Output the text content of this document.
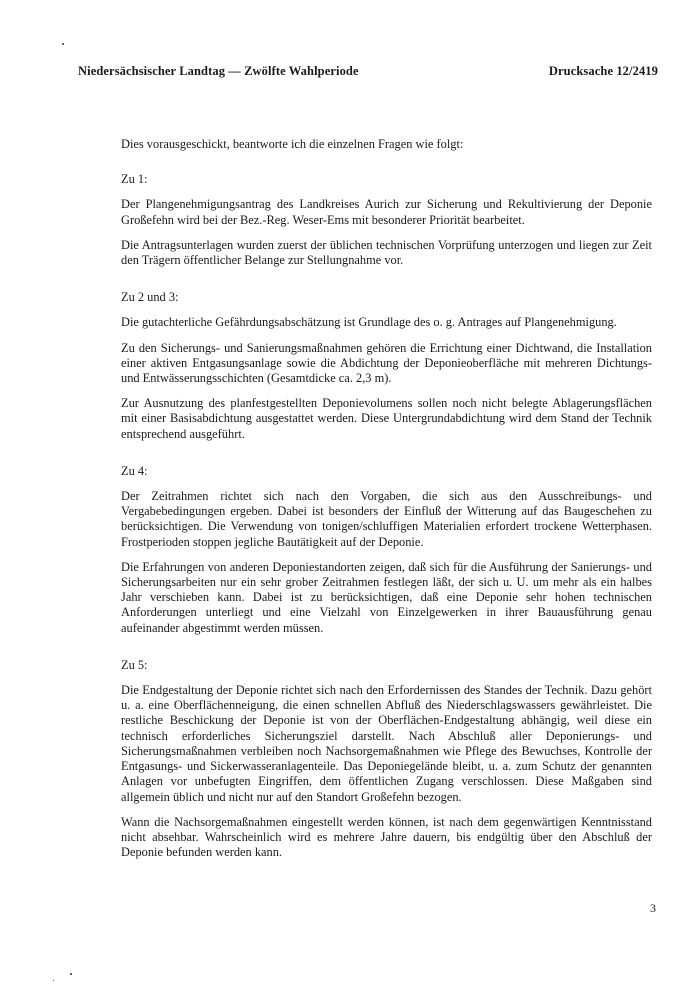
Niedersächsischer Landtag — Zwölfte Wahlperiode	Drucksache 12/2419

Dies vorausgeschickt, beantworte ich die einzelnen Fragen wie folgt:

Zu 1:

Der Plangenehmigungsantrag des Landkreises Aurich zur Sicherung und Rekultivierung der Deponie Großefehn wird bei der Bez.-Reg. Weser-Ems mit besonderer Priorität bearbeitet.

Die Antragsunterlagen wurden zuerst der üblichen technischen Vorprüfung unterzogen und liegen zur Zeit den Trägern öffentlicher Belange zur Stellungnahme vor.

Zu 2 und 3:

Die gutachterliche Gefährdungsabschätzung ist Grundlage des o. g. Antrages auf Plangenehmigung.

Zu den Sicherungs- und Sanierungsmaßnahmen gehören die Errichtung einer Dichtwand, die Installation einer aktiven Entgasungsanlage sowie die Abdichtung der Deponieoberfläche mit mehreren Dichtungs- und Entwässerungsschichten (Gesamtdicke ca. 2,3 m).

Zur Ausnutzung des planfestgestellten Deponievolumens sollen noch nicht belegte Ablagerungsflächen mit einer Basisabdichtung ausgestattet werden. Diese Untergrundabdichtung wird dem Stand der Technik entsprechend ausgeführt.

Zu 4:

Der Zeitrahmen richtet sich nach den Vorgaben, die sich aus den Ausschreibungs- und Vergabebedingungen ergeben. Dabei ist besonders der Einfluß der Witterung auf das Baugeschehen zu berücksichtigen. Die Verwendung von tonigen/schluffigen Materialien erfordert trockene Wetterphasen. Frostperioden stoppen jegliche Bautätigkeit auf der Deponie.

Die Erfahrungen von anderen Deponiestandorten zeigen, daß sich für die Ausführung der Sanierungs- und Sicherungsarbeiten nur ein sehr grober Zeitrahmen festlegen läßt, der sich u. U. um mehr als ein halbes Jahr verschieben kann. Dabei ist zu berücksichtigen, daß eine Deponie sehr hohen technischen Anforderungen unterliegt und eine Vielzahl von Einzelgewerken in ihrer Bauausführung genau aufeinander abgestimmt werden müssen.

Zu 5:

Die Endgestaltung der Deponie richtet sich nach den Erfordernissen des Standes der Technik. Dazu gehört u. a. eine Oberflächenneigung, die einen schnellen Abfluß des Niederschlagswassers gewährleistet. Die restliche Beschickung der Deponie ist von der Oberflächen-Endgestaltung abhängig, weil diese ein technisch erforderliches Sicherungsziel darstellt. Nach Abschluß aller Deponierungs- und Sicherungsmaßnahmen verbleiben noch Nachsorgemaßnahmen wie Pflege des Bewuchses, Kontrolle der Entgasungs- und Sickerwasseranlagenteile. Das Deponiegelände bleibt, u. a. zum Schutz der genannten Anlagen vor unbefugten Eingriffen, dem öffentlichen Zugang verschlossen. Diese Maßgaben sind allgemein üblich und nicht nur auf den Standort Großefehn bezogen.

Wann die Nachsorgemaßnahmen eingestellt werden können, ist nach dem gegenwärtigen Kenntnisstand nicht absehbar. Wahrscheinlich wird es mehrere Jahre dauern, bis endgültig über den Abschluß der Deponie befunden werden kann.

3
